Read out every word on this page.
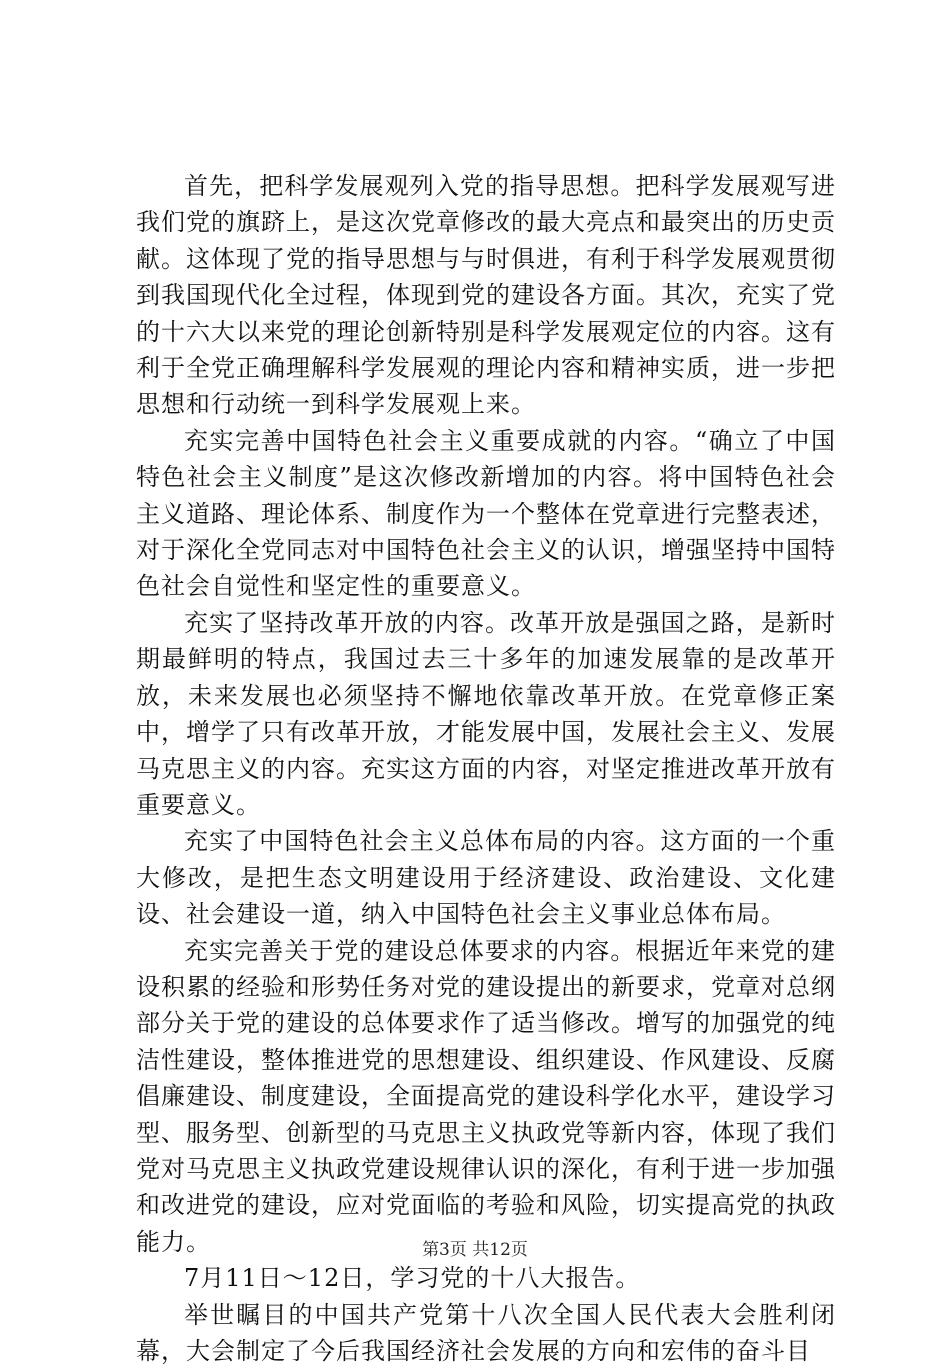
首先，把科学发展观列入党的指导思想。把科学发展观写进我们党的旗跻上，是这次党章修改的最大亮点和最突出的历史贡献。这体现了党的指导思想与与时俱进，有利于科学发展观贯彻到我国现代化全过程，体现到党的建设各方面。其次，充实了党的十六大以来党的理论创新特别是科学发展观定位的内容。这有利于全党正确理解科学发展观的理论内容和精神实质，进一步把思想和行动统一到科学发展观上来。

充实完善中国特色社会主义重要成就的内容。“确立了中国特色社会主义制度”是这次修改新增加的内容。将中国特色社会主义道路、理论体系、制度作为一个整体在党章进行完整表述，对于深化全党同志对中国特色社会主义的认识，增强坚持中国特色社会自觉性和坚定性的重要意义。

充实了坚持改革开放的内容。改革开放是强国之路，是新时期最鲜明的特点，我国过去三十多年的加速发展靠的是改革开放，未来发展也必须坚持不懈地依靠改革开放。在党章修正案中，增学了只有改革开放，才能发展中国，发展社会主义、发展马克思主义的内容。充实这方面的内容，对坚定推进改革开放有重要意义。

充实了中国特色社会主义总体布局的内容。这方面的一个重大修改，是把生态文明建设用于经济建设、政治建设、文化建设、社会建设一道，纳入中国特色社会主义事业总体布局。

充实完善关于党的建设总体要求的内容。根据近年来党的建设积累的经验和形势任务对党的建设提出的新要求，党章对总纲部分关于党的建设的总体要求作了适当修改。增写的加强党的纯洁性建设，整体推进党的思想建设、组织建设、作风建设、反腐倡廉建设、制度建设，全面提高党的建设科学化水平，建设学习型、服务型、创新型的马克思主义执政党等新内容，体现了我们党对马克思主义执政党建设规律认识的深化，有利于进一步加强和改进党的建设，应对党面临的考验和风险，切实提高党的执政能力。

7月11日～12日，学习党的十八大报告。

举世瞩目的中国共产党第十八次全国人民代表大会胜利闭幕，大会制定了今后我国经济社会发展的方向和宏伟的奋斗目

第3页 共12页
